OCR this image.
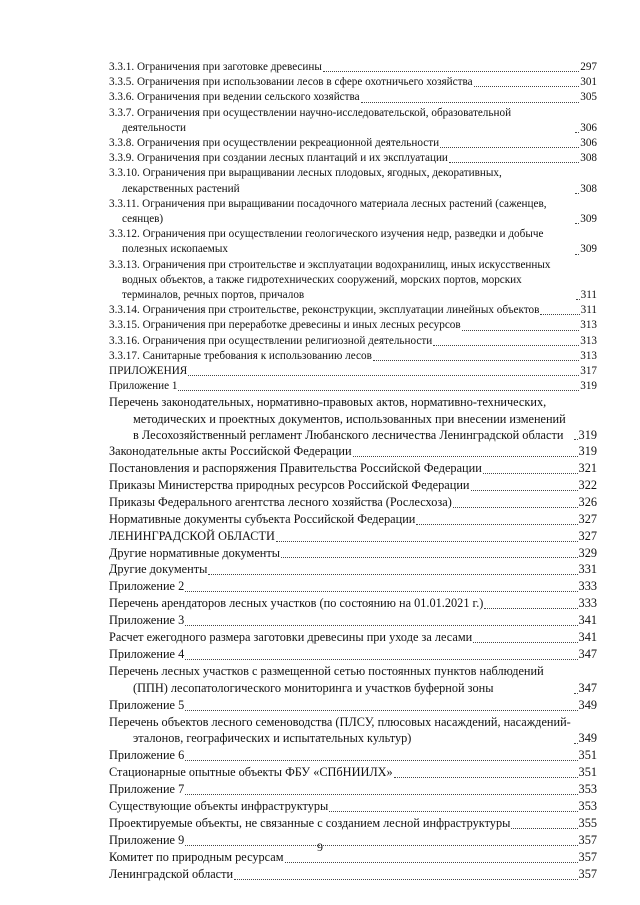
3.3.1. Ограничения при заготовке древесины	297
3.3.5. Ограничения при использовании лесов в сфере охотничьего хозяйства	301
3.3.6. Ограничения при ведении сельского хозяйства	305
3.3.7. Ограничения при осуществлении научно-исследовательской, образовательной деятельности	306
3.3.8. Ограничения при осуществлении рекреационной деятельности	306
3.3.9. Ограничения при создании лесных плантаций и их эксплуатации	308
3.3.10. Ограничения при выращивании лесных плодовых, ягодных, декоративных, лекарственных растений	308
3.3.11. Ограничения при выращивании посадочного материала лесных растений (саженцев, сеянцев)	309
3.3.12. Ограничения при осуществлении геологического изучения недр, разведки и добыче полезных ископаемых	309
3.3.13. Ограничения при строительстве и эксплуатации водохранилищ, иных искусственных водных объектов, а также гидротехнических сооружений, морских портов, морских терминалов, речных портов, причалов	311
3.3.14. Ограничения при строительстве, реконструкции, эксплуатации линейных объектов	311
3.3.15. Ограничения при переработке древесины и иных лесных ресурсов	313
3.3.16. Ограничения при осуществлении религиозной деятельности	313
3.3.17. Санитарные требования к использованию лесов	313
ПРИЛОЖЕНИЯ	317
Приложение 1	319
Перечень законодательных, нормативно-правовых актов, нормативно-технических, методических и проектных документов, использованных при внесении изменений в Лесохозяйственный регламент Любанского лесничества Ленинградской области	319
Законодательные акты Российской Федерации	319
Постановления и распоряжения Правительства Российской Федерации	321
Приказы Министерства природных ресурсов Российской Федерации	322
Приказы Федерального агентства лесного хозяйства (Рослесхоза)	326
Нормативные документы субъекта Российской Федерации	327
ЛЕНИНГРАДСКОЙ ОБЛАСТИ	327
Другие нормативные документы	329
Другие документы	331
Приложение 2	333
Перечень арендаторов лесных участков (по состоянию на 01.01.2021 г.)	333
Приложение 3	341
Расчет ежегодного размера заготовки древесины при уходе за лесами	341
Приложение 4	347
Перечень лесных участков с размещенной сетью постоянных пунктов наблюдений (ППН) лесопатологического мониторинга и участков буферной зоны	347
Приложение 5	349
Перечень объектов лесного семеноводства (ПЛСУ, плюсовых насаждений, насаждений-эталонов, географических и испытательных культур)	349
Приложение 6	351
Стационарные опытные объекты ФБУ «СПбНИИЛХ»	351
Приложение 7	353
Существующие объекты инфраструктуры	353
Проектируемые объекты, не связанные с созданием лесной инфраструктуры	355
Приложение 9	357
Комитет по природным ресурсам	357
Ленинградской области	357
9
